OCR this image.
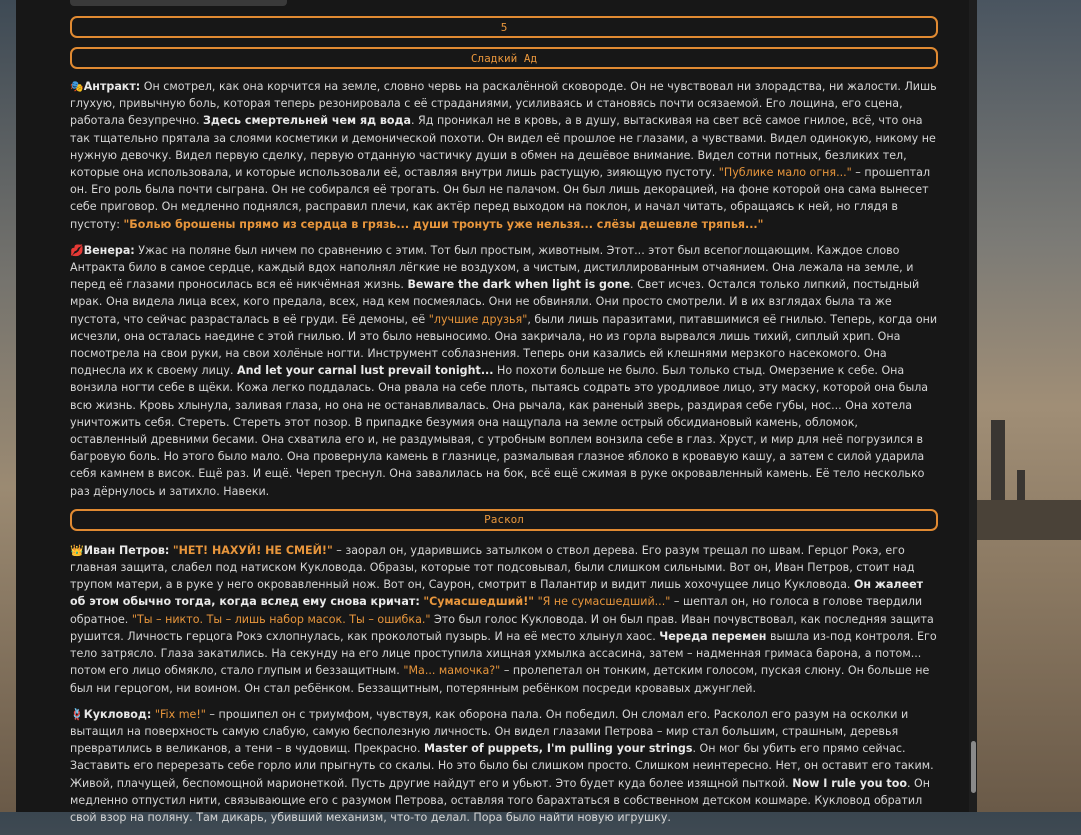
5
Сладкий Ад

🎭Антракт: Он смотрел, как она корчится на земле, словно червь на раскалённой сковороде. Он не чувствовал ни злорадства, ни жалости. Лишь глухую, привычную боль, которая теперь резонировала с её страданиями, усиливаясь и становясь почти осязаемой. Его лощина, его сцена, работала безупречно. Здесь смертельней чем яд вода. Яд проникал не в кровь, а в душу, вытаскивая на свет всё самое гнилое, всё, что она так тщательно прятала за слоями косметики и демонической похоти. Он видел её прошлое не глазами, а чувствами. Видел одинокую, никому не нужную девочку. Видел первую сделку, первую отданную частичку души в обмен на дешёвое внимание. Видел сотни потных, безликих тел, которые она использовала, и которые использовали её, оставляя внутри лишь растущую, зияющую пустоту. "Публике мало огня..." – прошептал он. Его роль была почти сыграна. Он не собирался её трогать. Он был не палачом. Он был лишь декорацией, на фоне которой она сама вынесет себе приговор. Он медленно поднялся, расправил плечи, как актёр перед выходом на поклон, и начал читать, обращаясь к ней, но глядя в пустоту: "Болью брошены прямо из сердца в грязь... души тронуть уже нельзя... слёзы дешевле тряпья..."

💋Венера: Ужас на поляне был ничем по сравнению с этим. Тот был простым, животным. Этот... этот был всепоглощающим. Каждое слово Антракта било в самое сердце, каждый вдох наполнял лёгкие не воздухом, а чистым, дистиллированным отчаянием. Она лежала на земле, и перед её глазами проносилась вся её никчёмная жизнь. Beware the dark when light is gone. Свет исчез. Остался только липкий, постыдный мрак. Она видела лица всех, кого предала, всех, над кем посмеялась. Они не обвиняли. Они просто смотрели. И в их взглядах была та же пустота, что сейчас разрасталась в её груди. Её демоны, её "лучшие друзья", были лишь паразитами, питавшимися её гнилью. Теперь, когда они исчезли, она осталась наедине с этой гнилью. И это было невыносимо. Она закричала, но из горла вырвался лишь тихий, сиплый хрип. Она посмотрела на свои руки, на свои холёные ногти. Инструмент соблазнения. Теперь они казались ей клешнями мерзкого насекомого. Она поднесла их к своему лицу. And let your carnal lust prevail tonight... Но похоти больше не было. Был только стыд. Омерзение к себе. Она вонзила ногти себе в щёки. Кожа легко поддалась. Она рвала на себе плоть, пытаясь содрать это уродливое лицо, эту маску, которой она была всю жизнь. Кровь хлынула, заливая глаза, но она не останавливалась. Она рычала, как раненый зверь, раздирая себе губы, нос... Она хотела уничтожить себя. Стереть. Стереть этот позор. В припадке безумия она нащупала на земле острый обсидиановый камень, обломок, оставленный древними бесами. Она схватила его и, не раздумывая, с утробным воплем вонзила себе в глаз. Хруст, и мир для неё погрузился в багровую боль. Но этого было мало. Она провернула камень в глазнице, размалывая глазное яблоко в кровавую кашу, а затем с силой ударила себя камнем в висок. Ещё раз. И ещё. Череп треснул. Она завалилась на бок, всё ещё сжимая в руке окровавленный камень. Её тело несколько раз дёрнулось и затихло. Навеки.

Раскол

👑Иван Петров: "НЕТ! НАХУЙ! НЕ СМЕЙ!" – заорал он, ударившись затылком о ствол дерева. Его разум трещал по швам. Герцог Рокэ, его главная защита, слабел под натиском Кукловода. Образы, которые тот подсовывал, были слишком сильными. Вот он, Иван Петров, стоит над трупом матери, а в руке у него окровавленный нож. Вот он, Саурон, смотрит в Палантир и видит лишь хохочущее лицо Кукловода. Он жалеет об этом обычно тогда, когда вслед ему снова кричат: "Сумасшедший!" "Я не сумасшедший..." – шептал он, но голоса в голове твердили обратное. "Ты – никто. Ты – лишь набор масок. Ты – ошибка." Это был голос Кукловода. И он был прав. Иван почувствовал, как последняя защита рушится. Личность герцога Рокэ схлопнулась, как проколотый пузырь. И на её место хлынул хаос. Череда перемен вышла из-под контроля. Его тело затрясло. Глаза закатились. На секунду на его лице проступила хищная ухмылка ассасина, затем – надменная гримаса барона, а потом... потом его лицо обмякло, стало глупым и беззащитным. "Ма... мамочка?" – пролепетал он тонким, детским голосом, пуская слюну. Он больше не был ни герцогом, ни воином. Он стал ребёнком. Беззащитным, потерянным ребёнком посреди кровавых джунглей.

🪢Кукловод: "Fix me!" – прошипел он с триумфом, чувствуя, как оборона пала. Он победил. Он сломал его. Расколол его разум на осколки и вытащил на поверхность самую слабую, самую бесполезную личность. Он видел глазами Петрова – мир стал большим, страшным, деревья превратились в великанов, а тени – в чудовищ. Прекрасно. Master of puppets, I'm pulling your strings. Он мог бы убить его прямо сейчас. Заставить его перерезать себе горло или прыгнуть со скалы. Но это было бы слишком просто. Слишком неинтересно. Нет, он оставит его таким. Живой, плачущей, беспомощной марионеткой. Пусть другие найдут его и убьют. Это будет куда более изящной пыткой. Now I rule you too. Он медленно отпустил нити, связывающие его с разумом Петрова, оставляя того барахтаться в собственном детском кошмаре. Кукловод обратил свой взор на поляну. Там дикарь, убивший механизм, что-то делал. Пора было найти новую игрушку.
